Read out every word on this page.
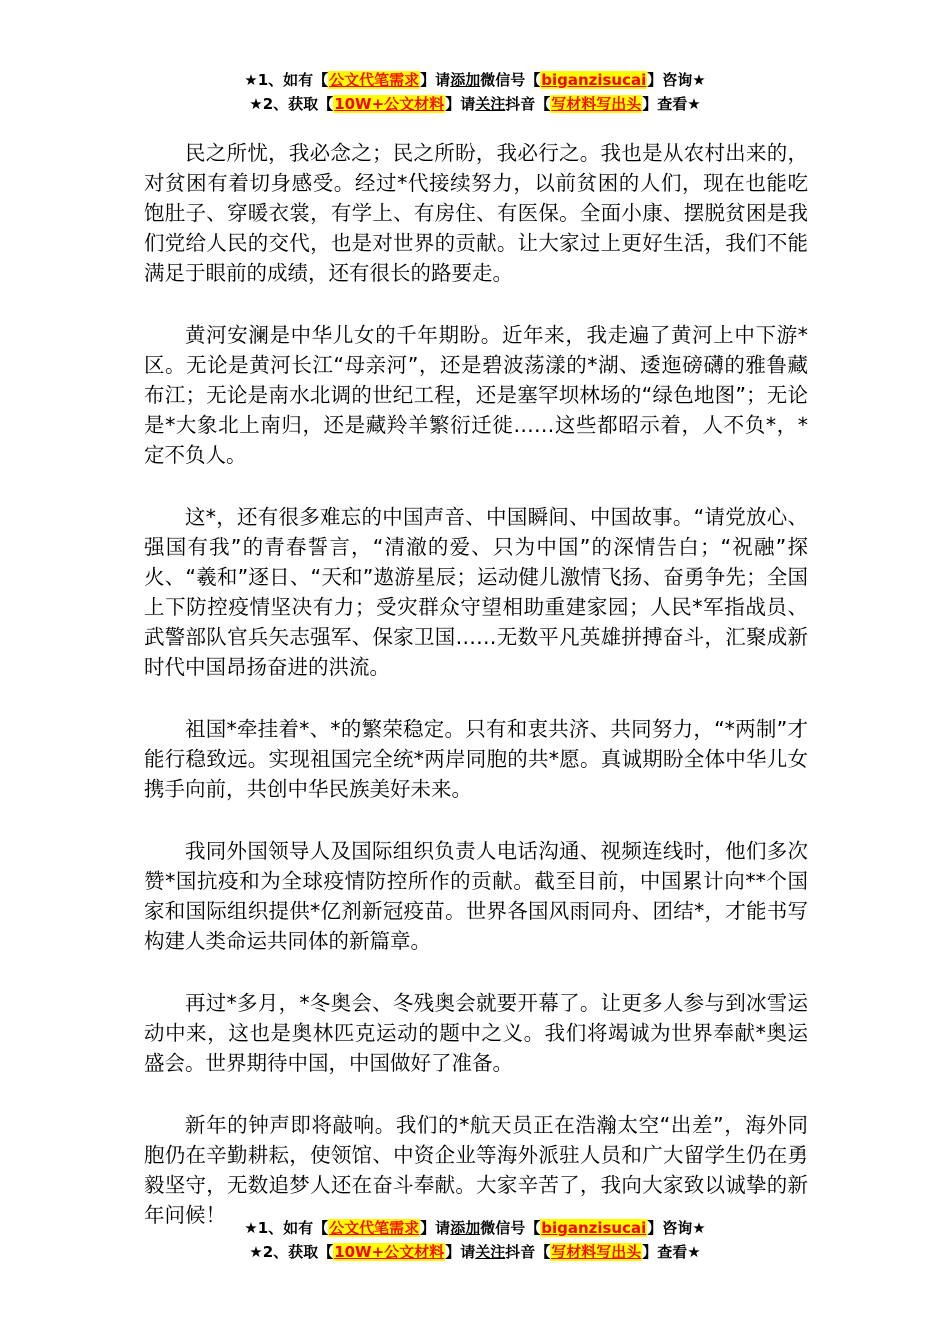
★1、如有【公文代笔需求】请添加微信号【biganzisucai】咨询★
★2、获取【10W+公文材料】请关注抖音【写材料写出头】查看★

民之所忧，我必念之；民之所盼，我必行之。我也是从农村出来的，对贫困有着切身感受。经过*代接续努力，以前贫困的人们，现在也能吃饱肚子、穿暖衣裳，有学上、有房住、有医保。全面小康、摆脱贫困是我们党给人民的交代，也是对世界的贡献。让大家过上更好生活，我们不能满足于眼前的成绩，还有很长的路要走。

黄河安澜是中华儿女的千年期盼。近年来，我走遍了黄河上中下游*区。无论是黄河长江“母亲河”，还是碧波荡漾的*湖、逶迤磅礴的雅鲁藏布江；无论是南水北调的世纪工程，还是塞罕坝林场的“绿色地图”；无论是*大象北上南归，还是藏羚羊繁衍迁徙……这些都昭示着，人不负*，*定不负人。

这*，还有很多难忘的中国声音、中国瞬间、中国故事。“请党放心、强国有我”的青春誓言，“清澈的爱、只为中国”的深情告白；“祝融”探火、“羲和”逐日、“天和”遨游星辰；运动健儿激情飞扬、奋勇争先；全国上下防控疫情坚决有力；受灾群众守望相助重建家园；人民*军指战员、武警部队官兵矢志强军、保家卫国……无数平凡英雄拼搏奋斗，汇聚成新时代中国昂扬奋进的洪流。

祖国*牵挂着*、*的繁荣稳定。只有和衷共济、共同努力，“*两制”才能行稳致远。实现祖国完全统*两岸同胞的共*愿。真诚期盼全体中华儿女携手向前，共创中华民族美好未来。

我同外国领导人及国际组织负责人电话沟通、视频连线时，他们多次赞*国抗疫和为全球疫情防控所作的贡献。截至目前，中国累计向**个国家和国际组织提供*亿剂新冠疫苗。世界各国风雨同舟、团结*，才能书写构建人类命运共同体的新篇章。

再过*多月，*冬奥会、冬残奥会就要开幕了。让更多人参与到冰雪运动中来，这也是奥林匹克运动的题中之义。我们将竭诚为世界奉献*奥运盛会。世界期待中国，中国做好了准备。

新年的钟声即将敲响。我们的*航天员正在浩瀚太空“出差”，海外同胞仍在辛勤耕耘，使领馆、中资企业等海外派驻人员和广大留学生仍在勇毅坚守，无数追梦人还在奋斗奉献。大家辛苦了，我向大家致以诚挚的新年问候！

★1、如有【公文代笔需求】请添加微信号【biganzisucai】咨询★
★2、获取【10W+公文材料】请关注抖音【写材料写出头】查看★
